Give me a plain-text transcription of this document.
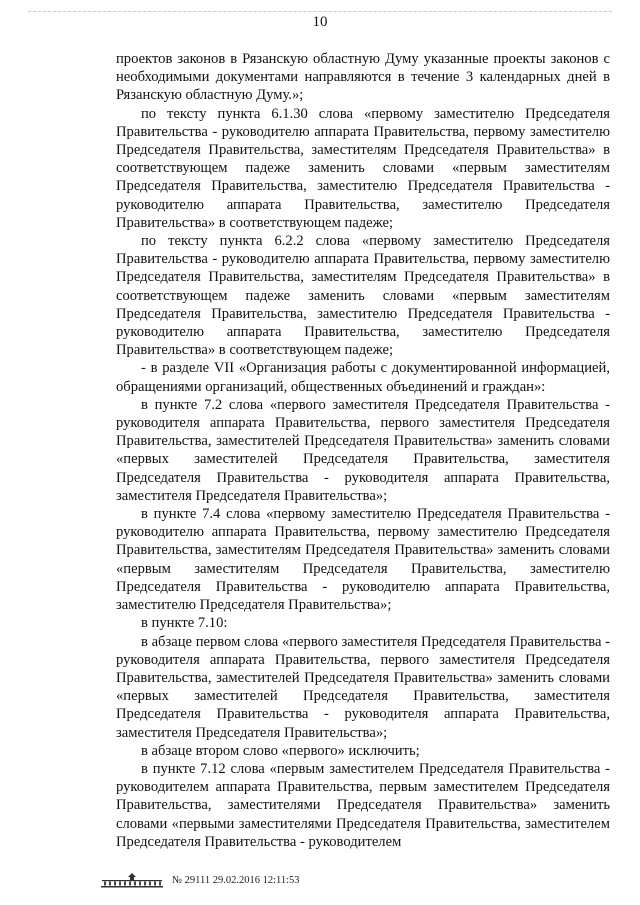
10

проектов законов в Рязанскую областную Думу указанные проекты законов с необходимыми документами направляются в течение 3 календарных дней в Рязанскую областную Думу.»;

по тексту пункта 6.1.30 слова «первому заместителю Председателя Правительства - руководителю аппарата Правительства, первому заместителю Председателя Правительства, заместителям Председателя Правительства» в соответствующем падеже заменить словами «первым заместителям Председателя Правительства, заместителю Председателя Правительства - руководителю аппарата Правительства, заместителю Председателя Правительства» в соответствующем падеже;

по тексту пункта 6.2.2 слова «первому заместителю Председателя Правительства - руководителю аппарата Правительства, первому заместителю Председателя Правительства, заместителям Председателя Правительства» в соответствующем падеже заменить словами «первым заместителям Председателя Правительства, заместителю Председателя Правительства - руководителю аппарата Правительства, заместителю Председателя Правительства» в соответствующем падеже;

- в разделе VII «Организация работы с документированной информацией, обращениями организаций, общественных объединений и граждан»:

в пункте 7.2 слова «первого заместителя Председателя Правительства - руководителя аппарата Правительства, первого заместителя Председателя Правительства, заместителей Председателя Правительства» заменить словами «первых заместителей Председателя Правительства, заместителя Председателя Правительства - руководителя аппарата Правительства, заместителя Председателя Правительства»;

в пункте 7.4 слова «первому заместителю Председателя Правительства - руководителю аппарата Правительства, первому заместителю Председателя Правительства, заместителям Председателя Правительства» заменить словами «первым заместителям Председателя Правительства, заместителю Председателя Правительства - руководителю аппарата Правительства, заместителю Председателя Правительства»;

в пункте 7.10:

в абзаце первом слова «первого заместителя Председателя Правительства - руководителя аппарата Правительства, первого заместителя Председателя Правительства, заместителей Председателя Правительства» заменить словами «первых заместителей Председателя Правительства, заместителя Председателя Правительства - руководителя аппарата Правительства, заместителя Председателя Правительства»;

в абзаце втором слово «первого» исключить;

в пункте 7.12 слова «первым заместителем Председателя Правительства - руководителем аппарата Правительства, первым заместителем Председателя Правительства, заместителями Председателя Правительства» заменить словами «первыми заместителями Председателя Правительства, заместителем Председателя Правительства - руководителем

№ 29111 29.02.2016 12:11:53
